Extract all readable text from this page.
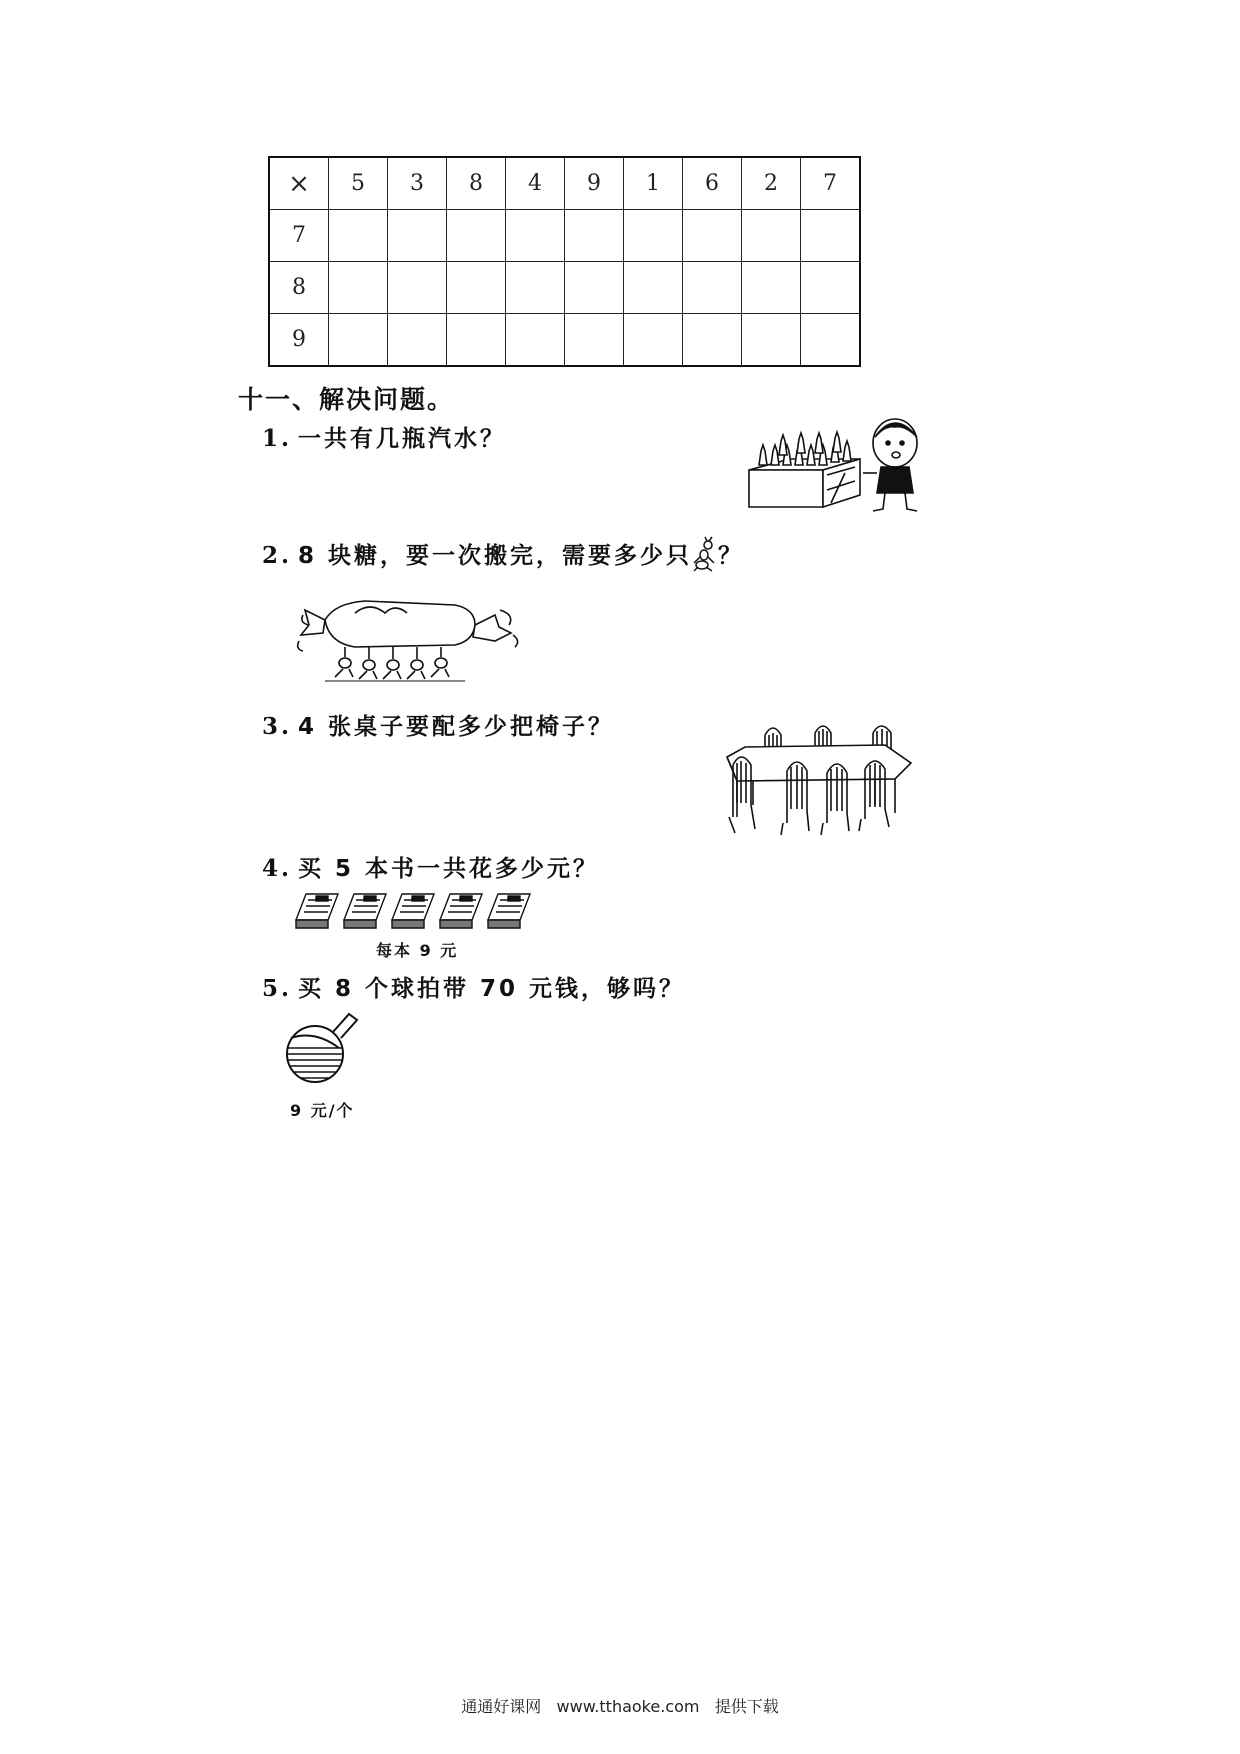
×	5	3	8	4	9	1	6	2	7
7									
8									
9									
十一、解决问题。
1. 一共有几瓶汽水？
2. 8 块糖，要一次搬完，需要多少只 ？
3. 4 张桌子要配多少把椅子？
4. 买 5 本书一共花多少元？
每本 9 元
5. 买 8 个球拍带 70 元钱，够吗？
9 元/个
通通好课网 www.tthaoke.com 提供下载
